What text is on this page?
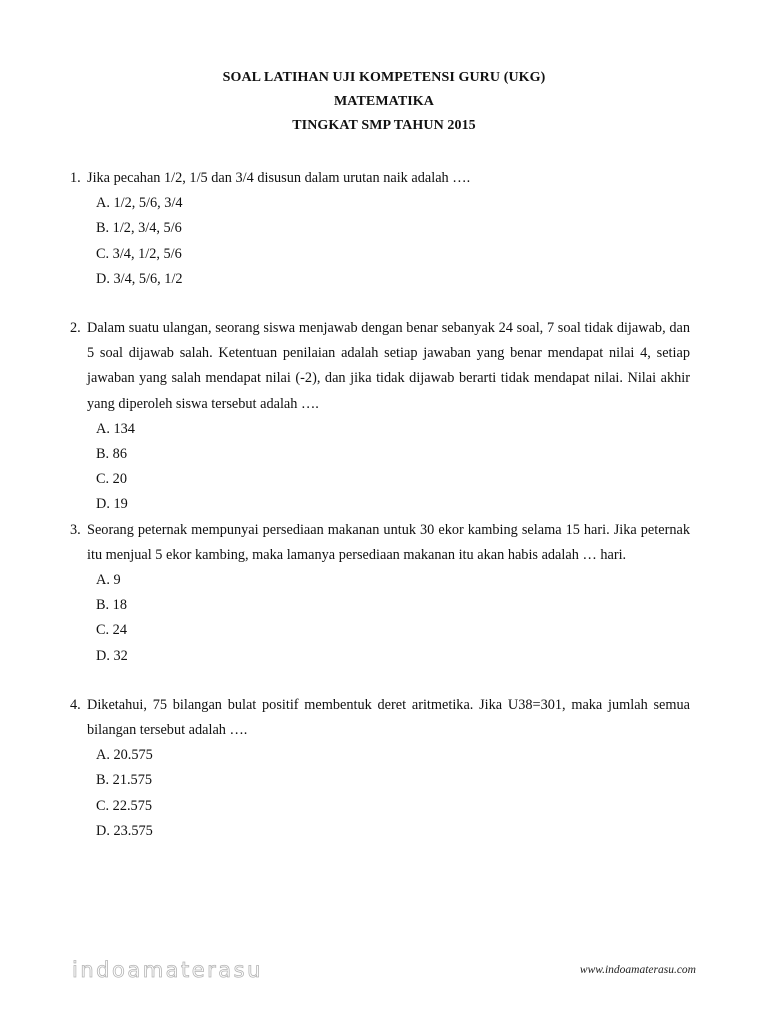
SOAL LATIHAN UJI KOMPETENSI GURU (UKG)
MATEMATIKA
TINGKAT SMP TAHUN 2015
1. Jika pecahan 1/2, 1/5 dan 3/4 disusun dalam urutan naik adalah ….
A. 1/2, 5/6, 3/4
B. 1/2, 3/4, 5/6
C. 3/4, 1/2, 5/6
D. 3/4, 5/6, 1/2
2. Dalam suatu ulangan, seorang siswa menjawab dengan benar sebanyak 24 soal, 7 soal tidak dijawab, dan 5 soal dijawab salah. Ketentuan penilaian adalah setiap jawaban yang benar mendapat nilai 4, setiap jawaban yang salah mendapat nilai (-2), dan jika tidak dijawab berarti tidak mendapat nilai. Nilai akhir yang diperoleh siswa tersebut adalah ….
A. 134
B. 86
C. 20
D. 19
3. Seorang peternak mempunyai persediaan makanan untuk 30 ekor kambing selama 15 hari. Jika peternak itu menjual 5 ekor kambing, maka lamanya persediaan makanan itu akan habis adalah … hari.
A. 9
B. 18
C. 24
D. 32
4. Diketahui, 75 bilangan bulat positif membentuk deret aritmetika. Jika U38=301, maka jumlah semua bilangan tersebut adalah ….
A. 20.575
B. 21.575
C. 22.575
D. 23.575
indoamaterasu	www.indoamaterasu.com
